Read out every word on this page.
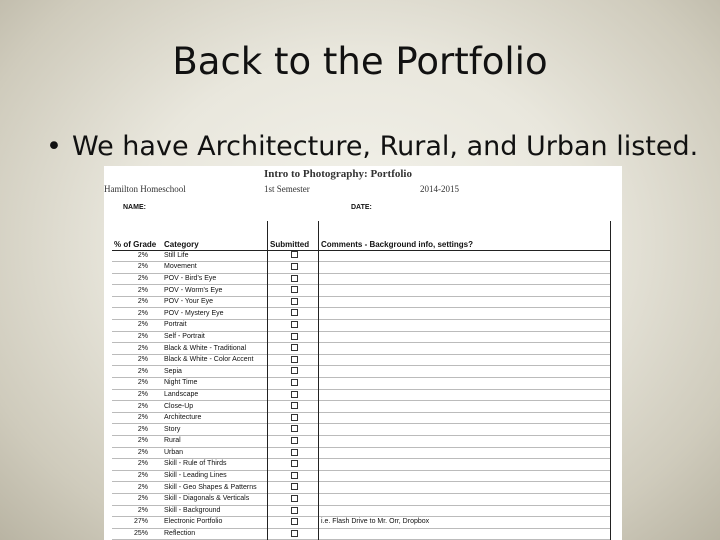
Back to the Portfolio
• We have Architecture, Rural, and Urban listed.
Intro to Photography: Portfolio
Hamilton Homeschool	1st Semester	2014-2015
NAME:	DATE:
% of Grade	Category	Submitted	Comments - Background info, settings?
2%	Still Life		
2%	Movement		
2%	POV - Bird's Eye		
2%	POV - Worm's Eye		
2%	POV - Your Eye		
2%	POV - Mystery Eye		
2%	Portrait		
2%	Self - Portrait		
2%	Black & White - Traditional		
2%	Black & White - Color Accent		
2%	Sepia		
2%	Night Time		
2%	Landscape		
2%	Close-Up		
2%	Architecture		
2%	Story		
2%	Rural		
2%	Urban		
2%	Skill - Rule of Thirds		
2%	Skill - Leading Lines		
2%	Skill - Geo Shapes & Patterns		
2%	Skill - Diagonals & Verticals		
2%	Skill - Background		
27%	Electronic Portfolio		i.e. Flash Drive to Mr. Orr, Dropbox
25%	Reflection		
